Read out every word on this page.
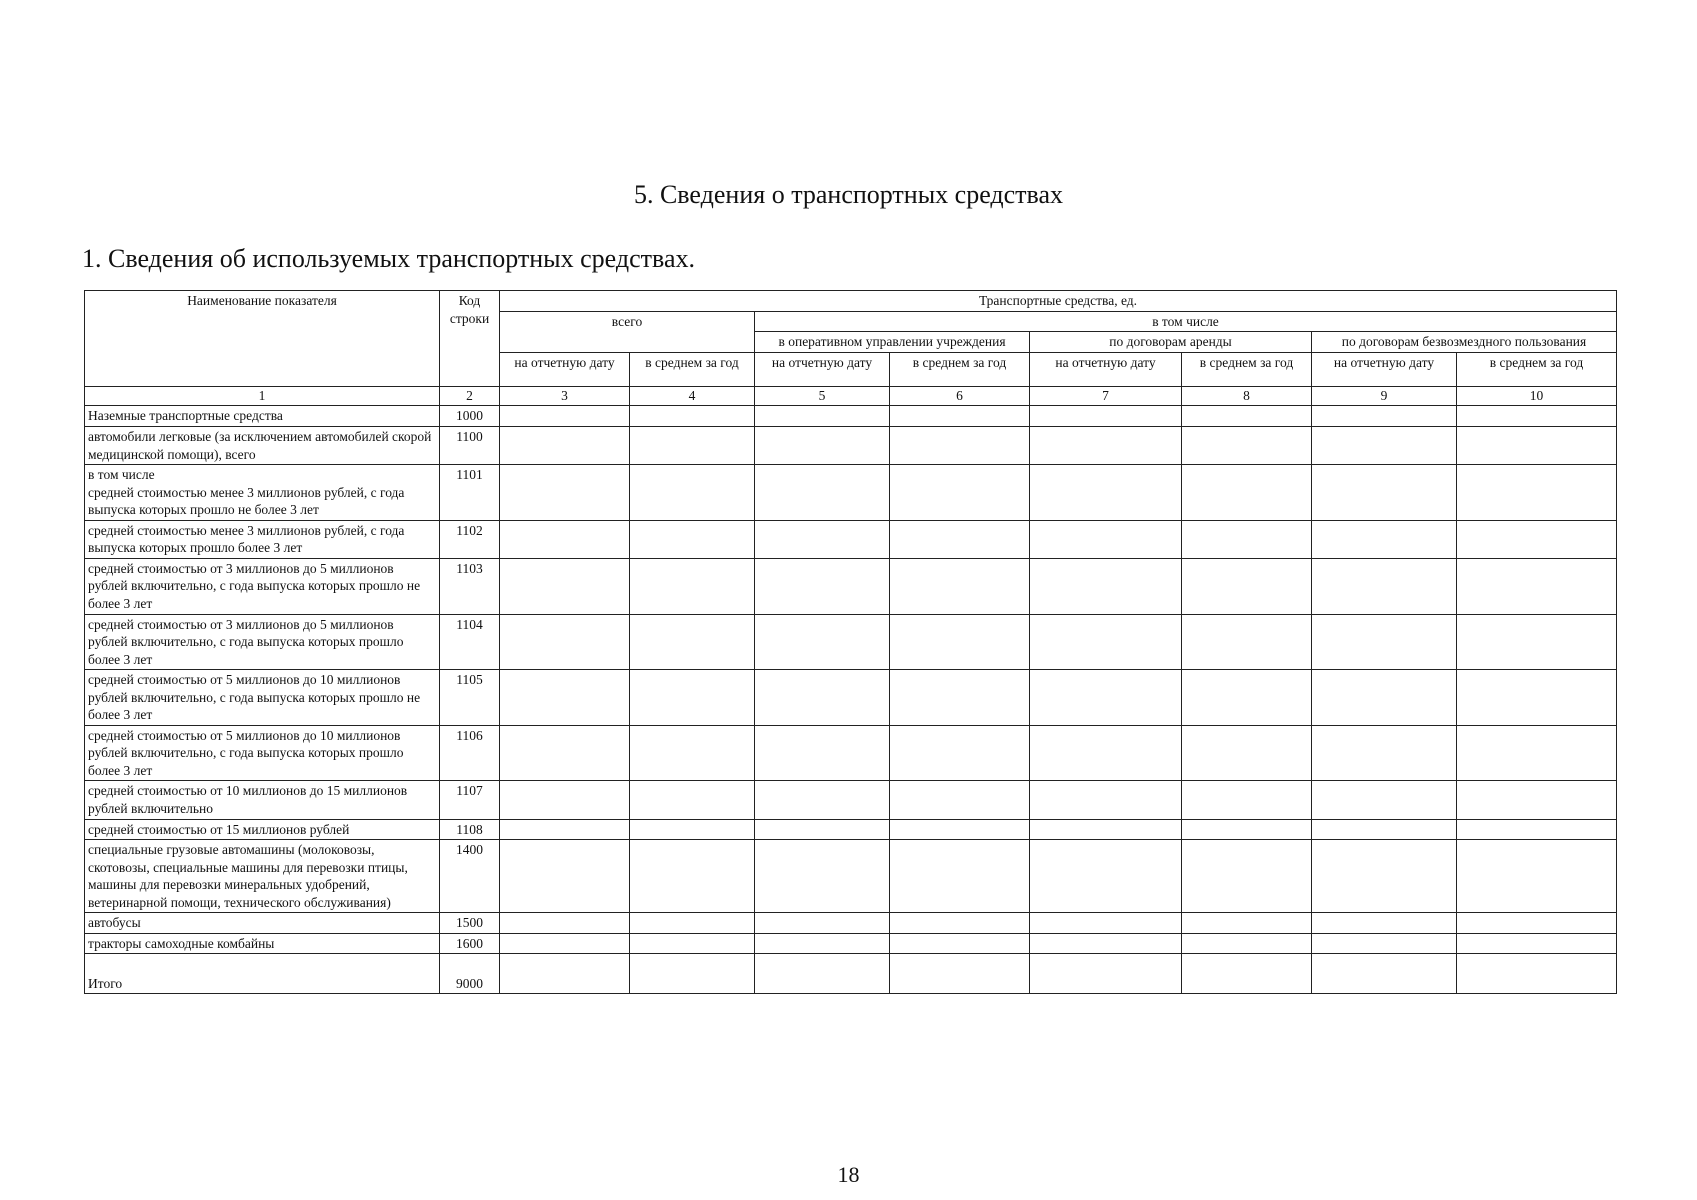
5. Сведения о транспортных средствах
1. Сведения об используемых транспортных средствах.
Наименование показателя	Код строки	Транспортные средства, ед.							
		всего		в том числе					
				в оперативном управлении учреждения		по договорам аренды		по договорам безвозмездного пользования	
		на отчетную дату	в среднем за год	на отчетную дату	в среднем за год	на отчетную дату	в среднем за год	на отчетную дату	в среднем за год
1	2	3	4	5	6	7	8	9	10
Наземные транспортные средства	1000								
автомобили легковые (за исключением автомобилей скорой медицинской помощи), всего	1100								
в том числе
средней стоимостью менее 3 миллионов рублей, с года выпуска которых прошло не более 3 лет	1101								
средней стоимостью менее 3 миллионов рублей, с года выпуска которых прошло более 3 лет	1102								
средней стоимостью от 3 миллионов до 5 миллионов рублей включительно, с года выпуска которых прошло не более 3 лет	1103								
средней стоимостью от 3 миллионов до 5 миллионов рублей включительно, с года выпуска которых прошло более 3 лет	1104								
средней стоимостью от 5 миллионов до 10 миллионов рублей включительно, с года выпуска которых прошло не более 3 лет	1105								
средней стоимостью от 5 миллионов до 10 миллионов рублей включительно, с года выпуска которых прошло более 3 лет	1106								
средней стоимостью от 10 миллионов до 15 миллионов рублей включительно	1107								
средней стоимостью от 15 миллионов рублей	1108								
специальные грузовые автомашины (молоковозы, скотовозы, специальные машины для перевозки птицы, машины для перевозки минеральных удобрений, ветеринарной помощи, технического обслуживания)	1400								
автобусы	1500								
тракторы самоходные комбайны	1600								
Итого	9000								
18
